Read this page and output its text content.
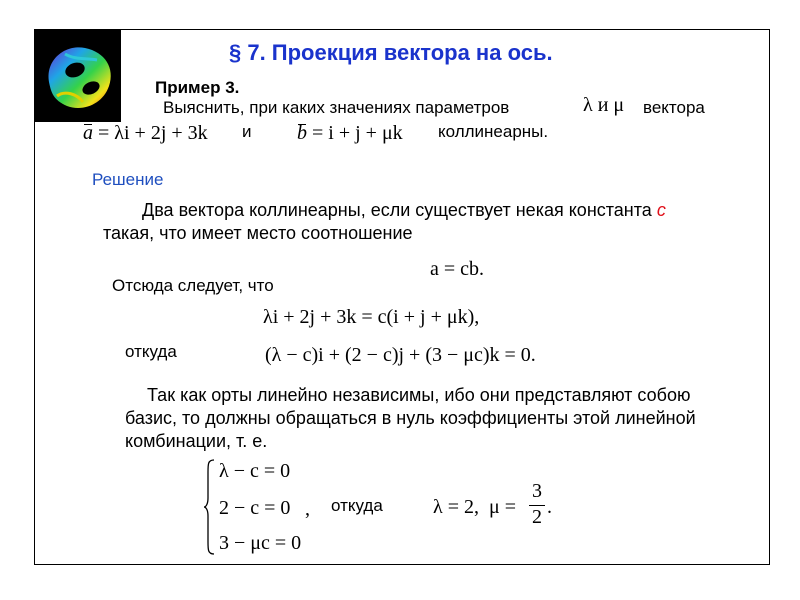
§ 7. Проекция вектора на ось.
Пример 3.
Выяснить, при каких значениях параметров	λ и μ вектора
a = λi + 2j + 3k и b = i + j + μk коллинеарны.
Решение
Два вектора коллинеарны, если существует некая константа c
такая, что имеет место соотношение
Отсюда следует, что
a = cb.
λi + 2j + 3k = c(i + j + μk),
откуда	(λ − c)i + (2 − c)j + (3 − μc)k = 0.
Так как орты линейно независимы, ибо они представляют собою
базис, то должны обращаться в нуль коэффициенты этой линейной
комбинации, т. е.
λ − c = 0
2 − c = 0
3 − μc = 0
, откуда	λ = 2, $\mu = \frac{3}{2}$ .
